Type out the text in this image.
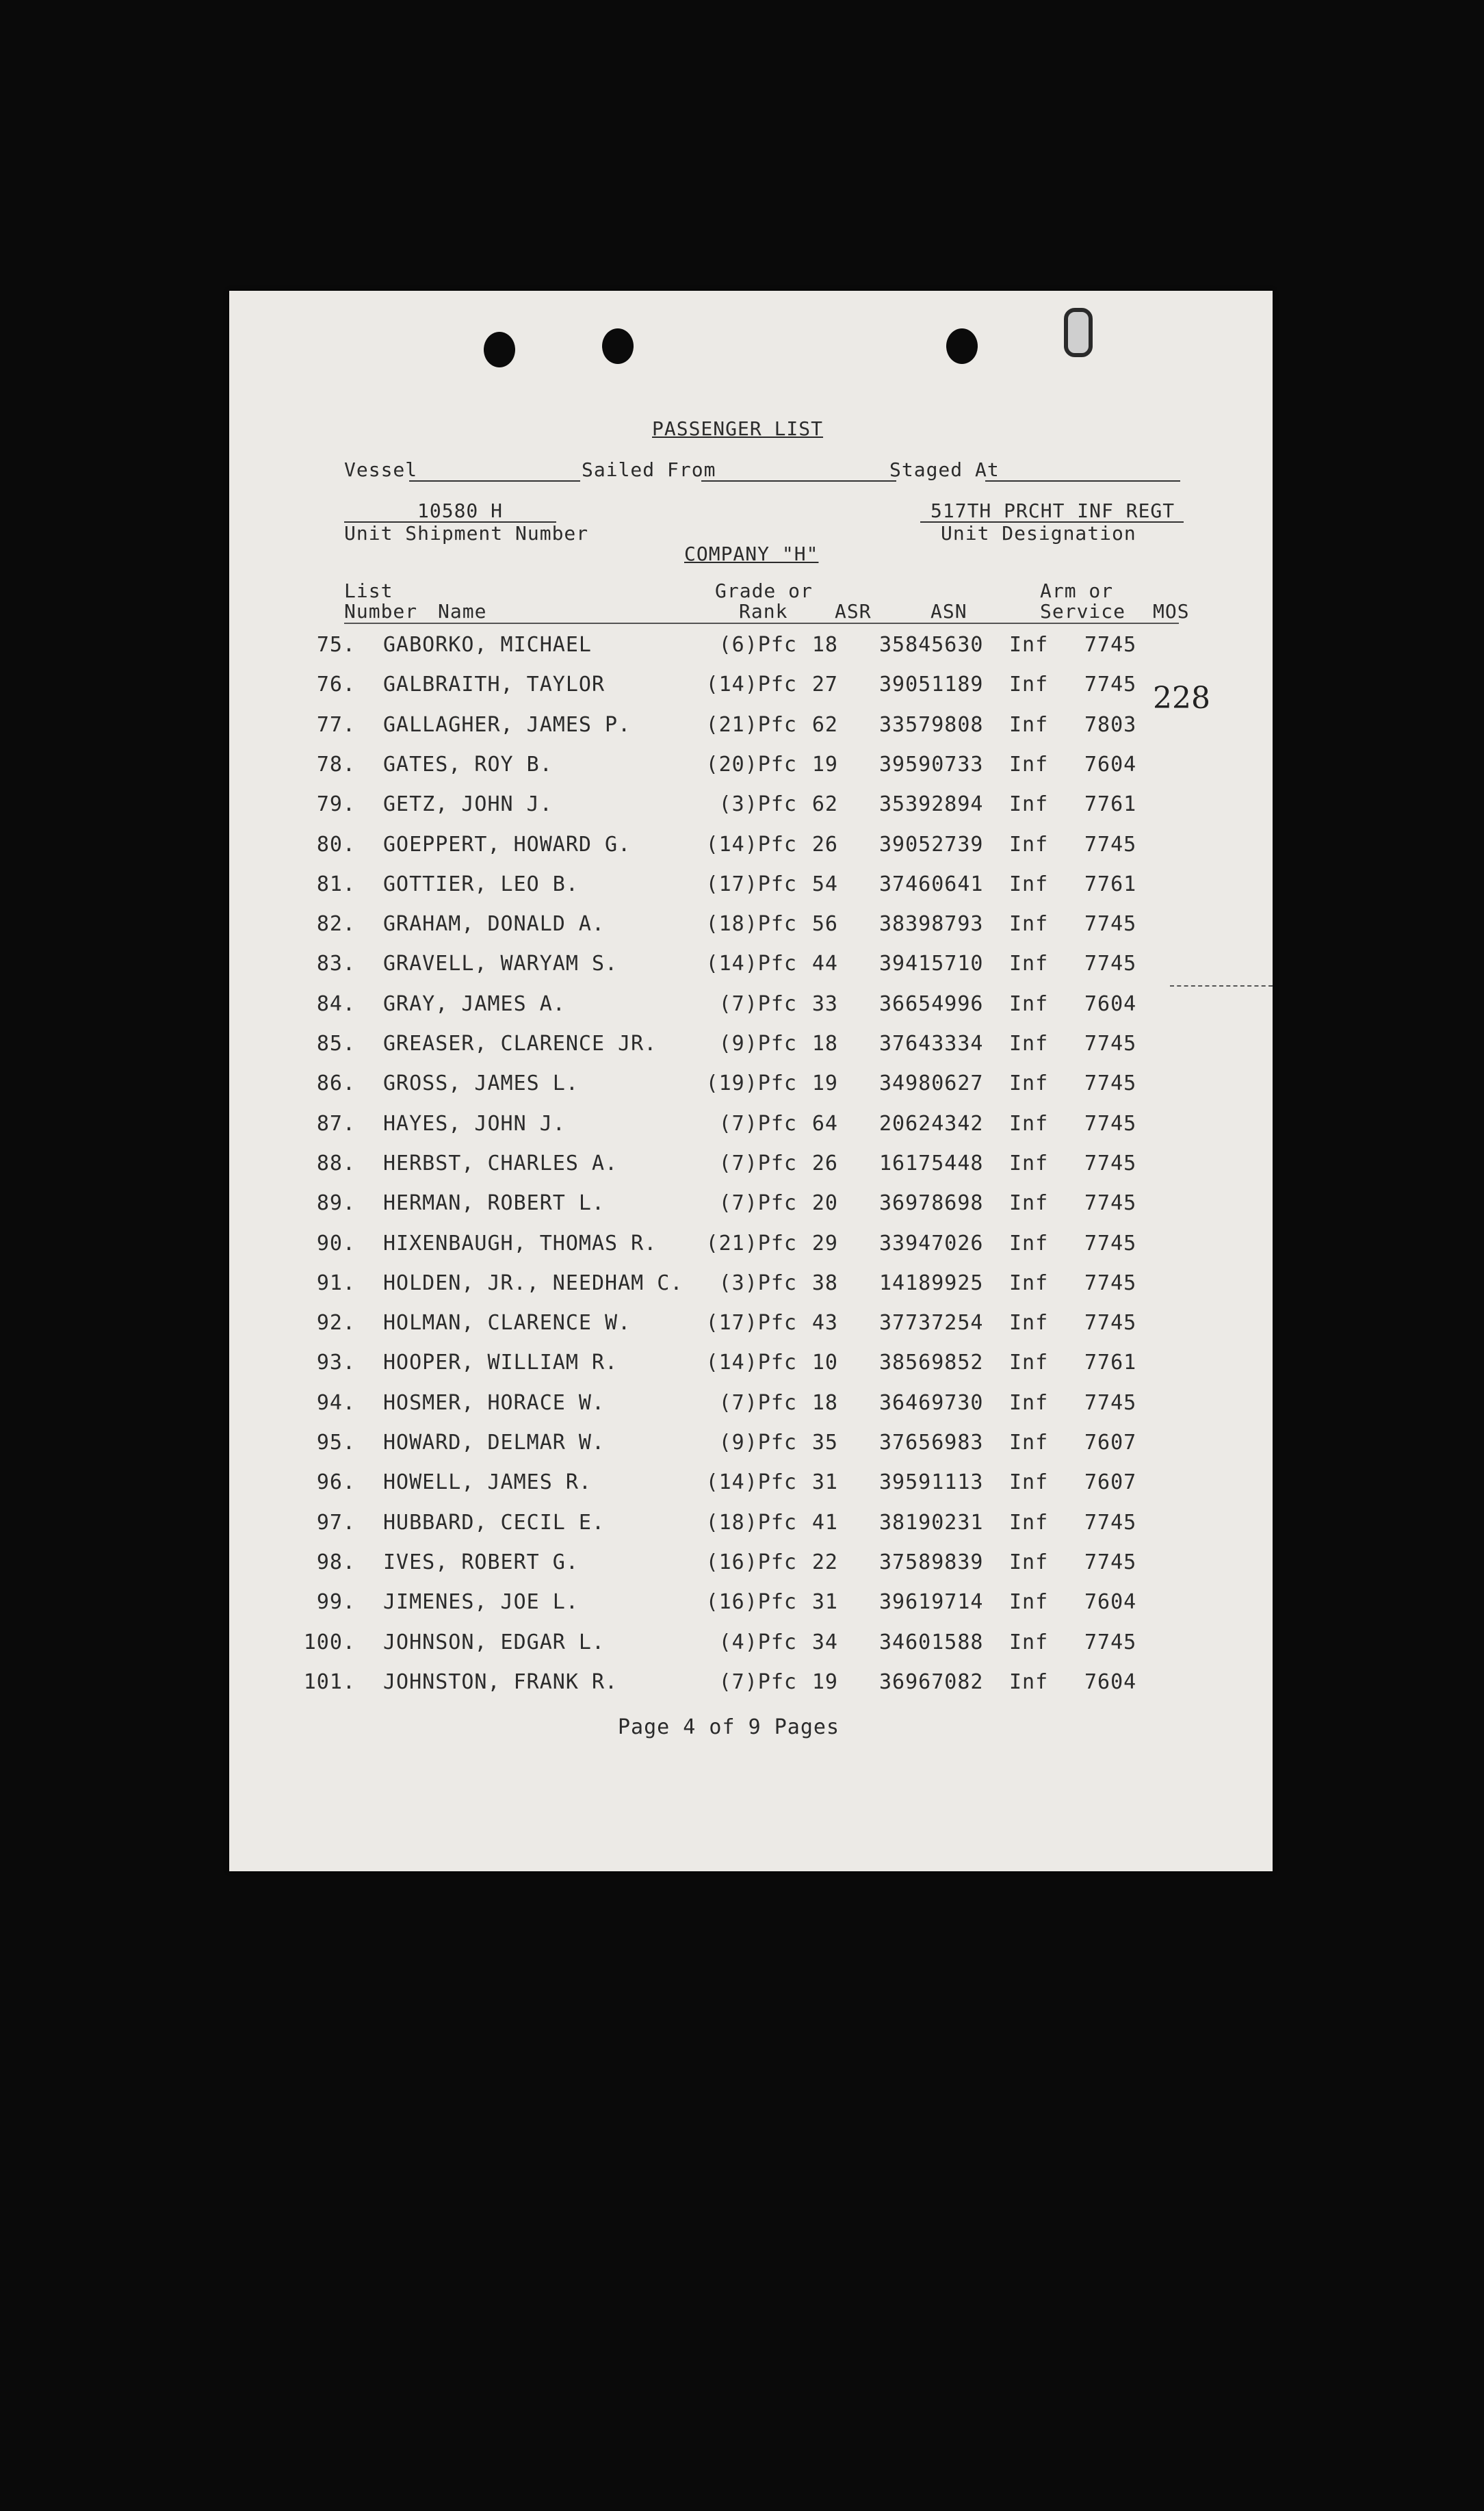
PASSENGER LIST
Vessel	Sailed From	Staged At
10580 H
Unit Shipment Number
517TH PRCHT INF REGT
Unit Designation
COMPANY "H"
List
Number Name
Grade or
Rank ASR	ASN
Arm or
Service MOS
228
75. GABORKO, MICHAEL	(6)Pfc 18 35845630	Inf	7745
76. GALBRAITH, TAYLOR	(14)Pfc 27 39051189	Inf	7745
77. GALLAGHER, JAMES P.	(21)Pfc 62 33579808	Inf	7803
78. GATES, ROY B.	(20)Pfc 19 39590733	Inf	7604
79. GETZ, JOHN J.	(3)Pfc 62 35392894	Inf	7761
80. GOEPPERT, HOWARD G.	(14)Pfc 26 39052739	Inf	7745
81. GOTTIER, LEO B.	(17)Pfc 54 37460641	Inf	7761
82. GRAHAM, DONALD A.	(18)Pfc 56 38398793	Inf	7745
83. GRAVELL, WARYAM S.	(14)Pfc 44 39415710	Inf	7745
84. GRAY, JAMES A.	(7)Pfc 33 36654996	Inf	7604
85. GREASER, CLARENCE JR.	(9)Pfc 18 37643334	Inf	7745
86. GROSS, JAMES L.	(19)Pfc 19 34980627	Inf	7745
87. HAYES, JOHN J.	(7)Pfc 64 20624342	Inf	7745
88. HERBST, CHARLES A.	(7)Pfc 26 16175448	Inf	7745
89. HERMAN, ROBERT L.	(7)Pfc 20 36978698	Inf	7745
90. HIXENBAUGH, THOMAS R.	(21)Pfc 29 33947026	Inf	7745
91. HOLDEN, JR., NEEDHAM C.	(3)Pfc 38 14189925	Inf	7745
92. HOLMAN, CLARENCE W.	(17)Pfc 43 37737254	Inf	7745
93. HOOPER, WILLIAM R.	(14)Pfc 10 38569852	Inf	7761
94. HOSMER, HORACE W.	(7)Pfc 18 36469730	Inf	7745
95. HOWARD, DELMAR W.	(9)Pfc 35 37656983	Inf	7607
96. HOWELL, JAMES R.	(14)Pfc 31 39591113	Inf	7607
97. HUBBARD, CECIL E.	(18)Pfc 41 38190231	Inf	7745
98. IVES, ROBERT G.	(16)Pfc 22 37589839	Inf	7745
99. JIMENES, JOE L.	(16)Pfc 31 39619714	Inf	7604
100. JOHNSON, EDGAR L.	(4)Pfc 34 34601588	Inf	7745
101. JOHNSTON, FRANK R.	(7)Pfc 19 36967082	Inf	7604
Page 4 of 9 Pages
